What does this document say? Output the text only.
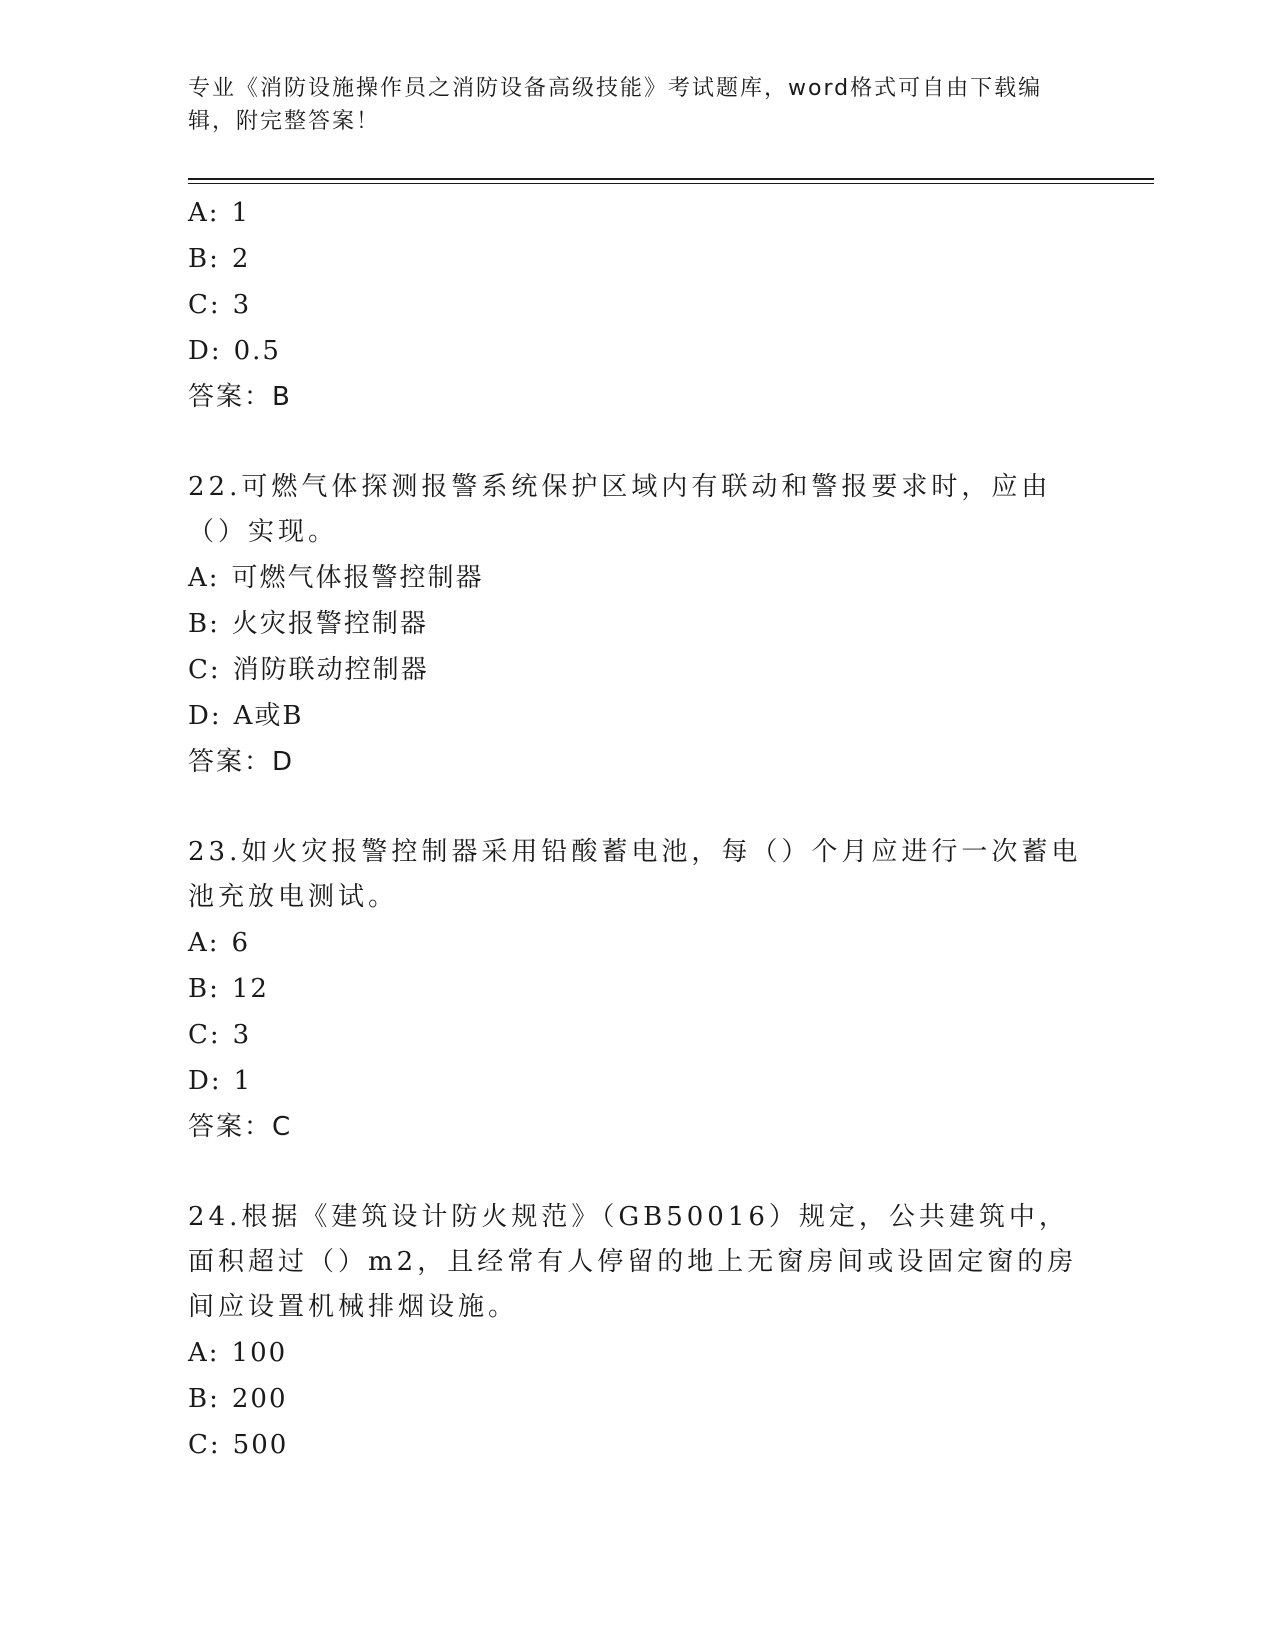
专业《消防设施操作员之消防设备高级技能》考试题库，word格式可自由下载编
辑，附完整答案！
A: 1
B: 2
C: 3
D: 0.5
答案：B
22.可燃气体探测报警系统保护区域内有联动和警报要求时，应由（）实现。
A: 可燃气体报警控制器
B: 火灾报警控制器
C: 消防联动控制器
D: A或B
答案：D
23.如火灾报警控制器采用铅酸蓄电池，每（）个月应进行一次蓄电池充放电测试。
A: 6
B: 12
C: 3
D: 1
答案：C
24.根据《建筑设计防火规范》（GB50016）规定，公共建筑中，面积超过（）m2，且经常有人停留的地上无窗房间或设固定窗的房间应设置机械排烟设施。
A: 100
B: 200
C: 500
